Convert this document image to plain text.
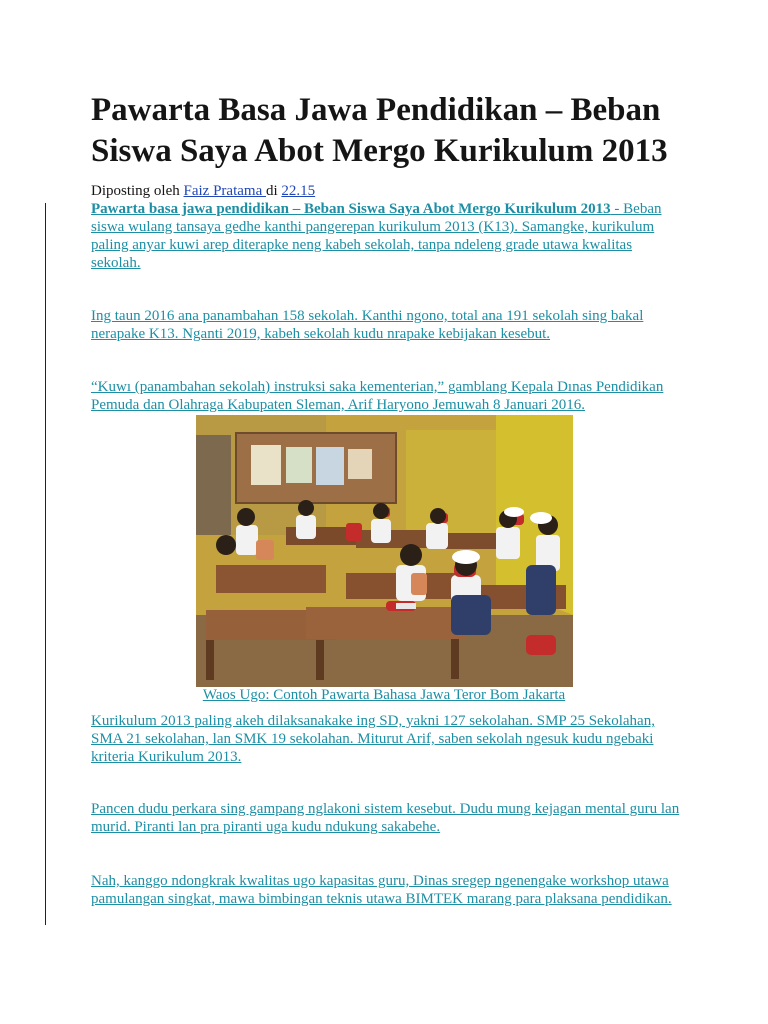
Pawarta Basa Jawa Pendidikan – Beban Siswa Saya Abot Mergo Kurikulum 2013
Diposting oleh Faiz Pratama di 22.15

Pawarta basa jawa pendidikan – Beban Siswa Saya Abot Mergo Kurikulum 2013 - Beban siswa wulang tansaya gedhe kanthi pangerepan kurikulum 2013 (K13). Samangke, kurikulum paling anyar kuwi arep diterapke neng kabeh sekolah, tanpa ndeleng grade utawa kwalitas sekolah.

Ing taun 2016 ana panambahan 158 sekolah. Kanthi ngono, total ana 191 sekolah sing bakal nerapake K13. Nganti 2019, kabeh sekolah kudu nrapake kebijakan kesebut.

“Kuwı (panambahan sekolah) instruksi saka kementerian,” gamblang Kepala Dınas Pendidikan Pemuda dan Olahraga Kabupaten Sleman, Arif Haryono Jemuwah 8 Januari 2016.

Waos Ugo: Contoh Pawarta Bahasa Jawa Teror Bom Jakarta

Kurikulum 2013 paling akeh dilaksanakake ing SD, yakni 127 sekolahan. SMP 25 Sekolahan, SMA 21 sekolahan, lan SMK 19 sekolahan. Miturut Arif, saben sekolah ngesuk kudu ngebaki kriteria Kurikulum 2013.

Pancen dudu perkara sing gampang nglakoni sistem kesebut. Dudu mung kejagan mental guru lan murid. Piranti lan pra piranti uga kudu ndukung sakabehe.

Nah, kanggo ndongkrak kwalitas ugo kapasitas guru, Dinas sregep ngenengake workshop utawa pamulangan singkat, mawa bimbingan teknis utawa BIMTEK marang para plaksana pendidikan.
